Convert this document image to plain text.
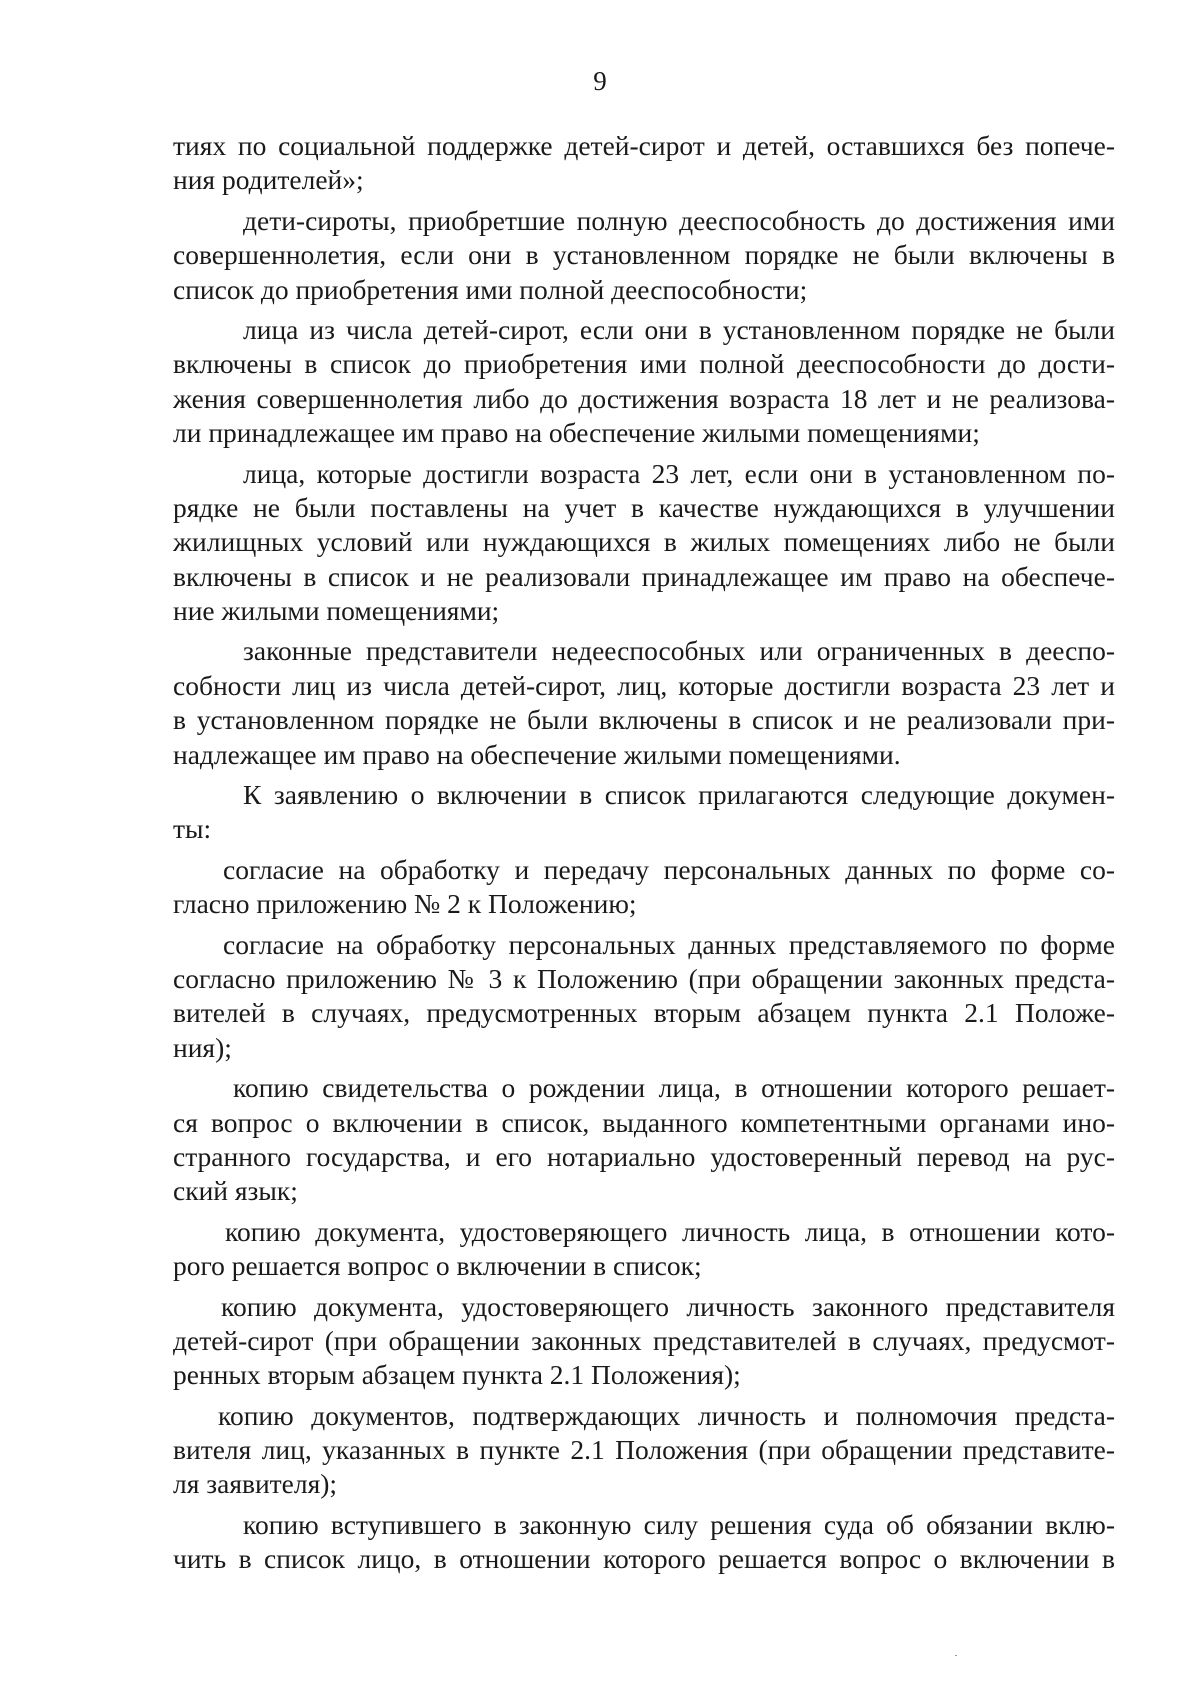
9
тиях по социальной поддержке детей-сирот и детей, оставшихся без попече-
ния родителей»;
дети-сироты, приобретшие полную дееспособность до достижения ими
совершеннолетия, если они в установленном порядке не были включены в
список до приобретения ими полной дееспособности;
лица из числа детей-сирот, если они в установленном порядке не были
включены в список до приобретения ими полной дееспособности до дости-
жения совершеннолетия либо до достижения возраста 18 лет и не реализова-
ли принадлежащее им право на обеспечение жилыми помещениями;
лица, которые достигли возраста 23 лет, если они в установленном по-
рядке не были поставлены на учет в качестве нуждающихся в улучшении
жилищных условий или нуждающихся в жилых помещениях либо не были
включены в список и не реализовали принадлежащее им право на обеспече-
ние жилыми помещениями;
законные представители недееспособных или ограниченных в дееспо-
собности лиц из числа детей-сирот, лиц, которые достигли возраста 23 лет и
в установленном порядке не были включены в список и не реализовали при-
надлежащее им право на обеспечение жилыми помещениями.
К заявлению о включении в список прилагаются следующие докумен-
ты:
согласие на обработку и передачу персональных данных по форме со-
гласно приложению № 2 к Положению;
согласие на обработку персональных данных представляемого по форме
согласно приложению № 3 к Положению (при обращении законных предста-
вителей в случаях, предусмотренных вторым абзацем пункта 2.1 Положе-
ния);
копию свидетельства о рождении лица, в отношении которого решает-
ся вопрос о включении в список, выданного компетентными органами ино-
странного государства, и его нотариально удостоверенный перевод на рус-
ский язык;
копию документа, удостоверяющего личность лица, в отношении кото-
рого решается вопрос о включении в список;
копию документа, удостоверяющего личность законного представителя
детей-сирот (при обращении законных представителей в случаях, предусмот-
ренных вторым абзацем пункта 2.1 Положения);
копию документов, подтверждающих личность и полномочия предста-
вителя лиц, указанных в пункте 2.1 Положения (при обращении представите-
ля заявителя);
копию вступившего в законную силу решения суда об обязании вклю-
чить в список лицо, в отношении которого решается вопрос о включении в
